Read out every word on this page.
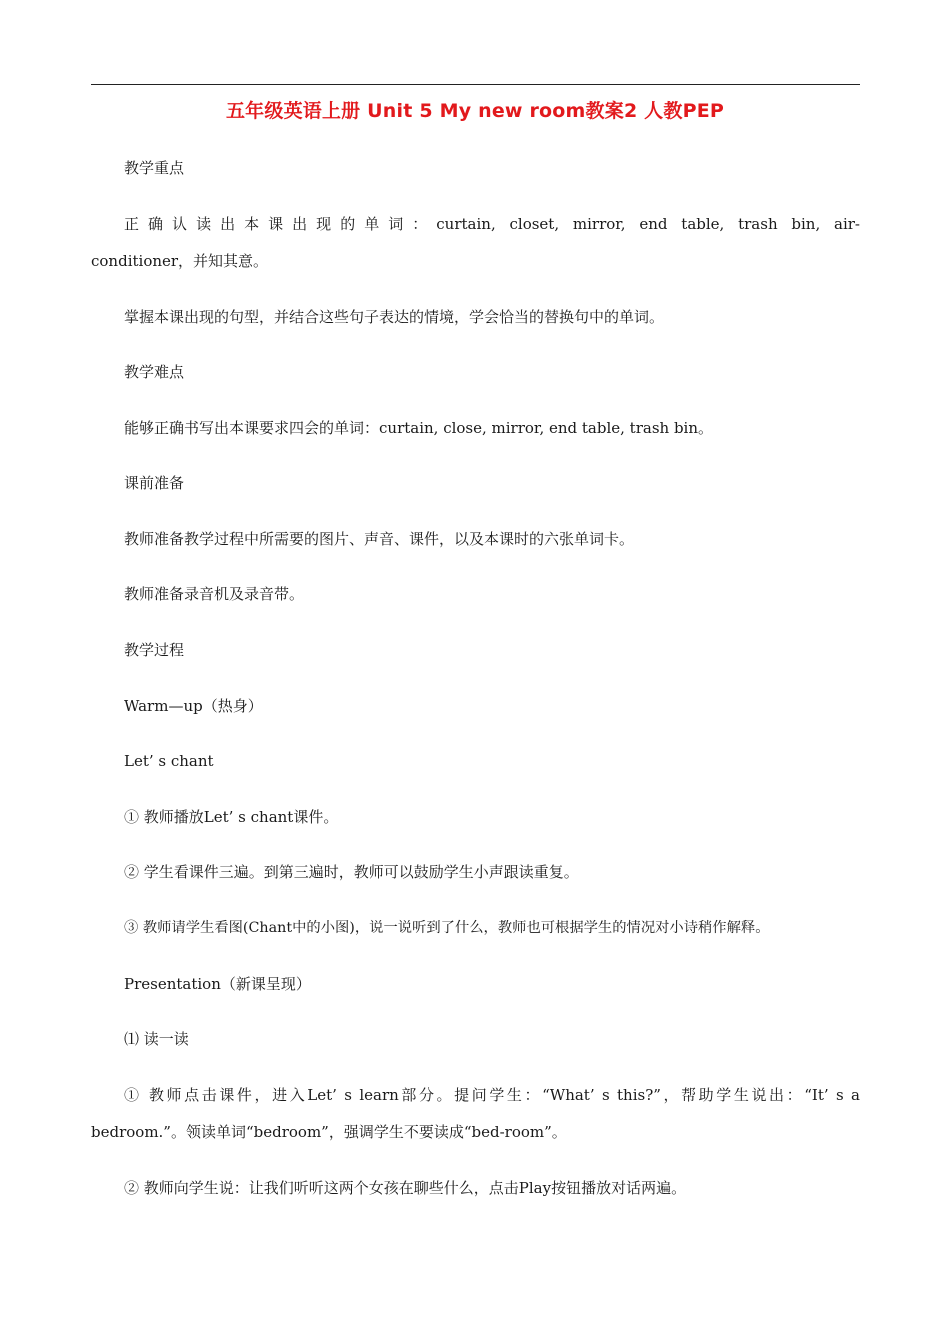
五年级英语上册 Unit 5 My new room教案2 人教PEP

教学重点

正确认读出本课出现的单词：curtain, closet, mirror, end table, trash bin, air-
conditioner，并知其意。

掌握本课出现的句型，并结合这些句子表达的情境，学会恰当的替换句中的单词。

教学难点

能够正确书写出本课要求四会的单词：curtain, close, mirror, end table, trash bin。

课前准备

教师准备教学过程中所需要的图片、声音、课件，以及本课时的六张单词卡。

教师准备录音机及录音带。

教学过程

Warm—up（热身）

Let’ s chant

① 教师播放Let’ s chant课件。

② 学生看课件三遍。到第三遍时，教师可以鼓励学生小声跟读重复。

③ 教师请学生看图(Chant中的小图)，说一说听到了什么，教师也可根据学生的情况对小诗稍作解释。

Presentation（新课呈现）

⑴ 读一读

① 教师点击课件，进入Let’ s learn部分。提问学生：“What’ s this?”，帮助学生说出：“It’ s a
bedroom.”。领读单词“bedroom”，强调学生不要读成“bed-room”。

② 教师向学生说：让我们听听这两个女孩在聊些什么，点击Play按钮播放对话两遍。
